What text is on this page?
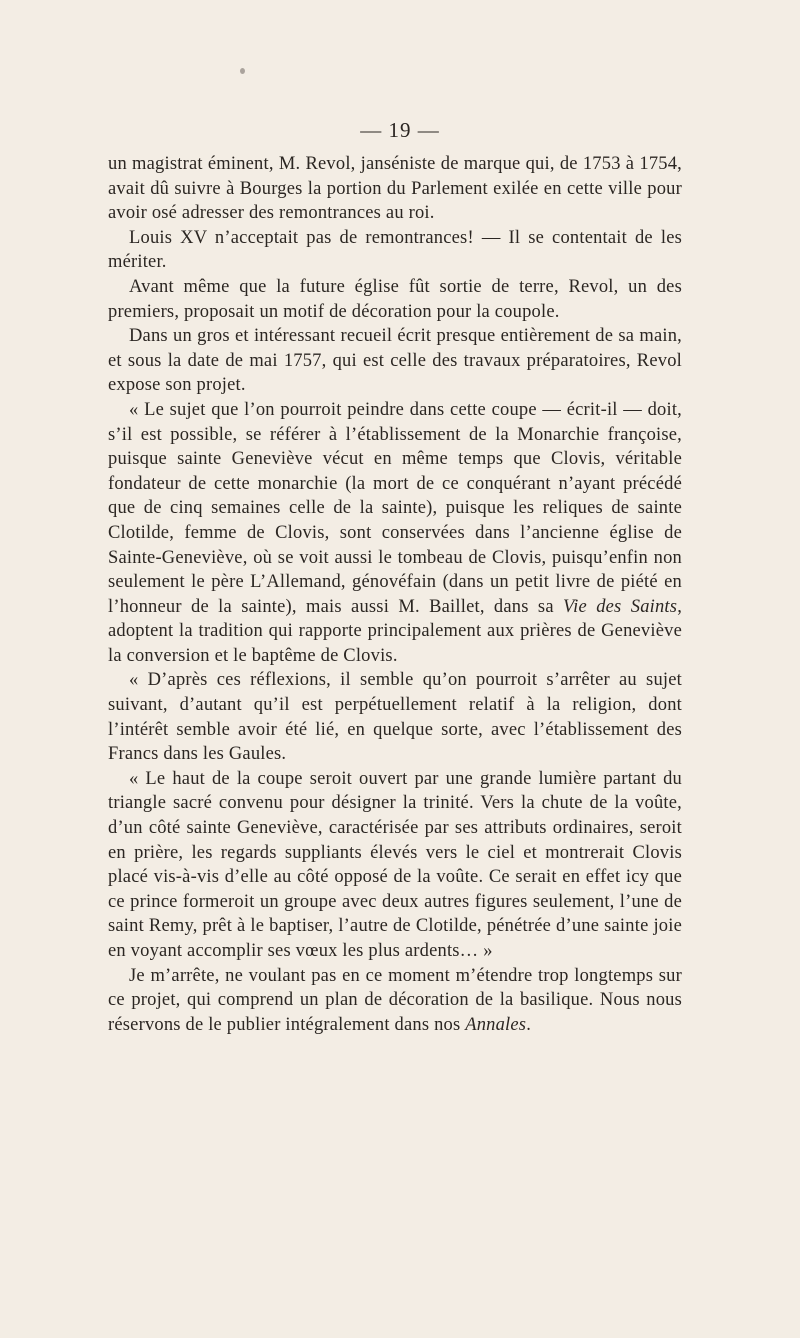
— 19 —

un magistrat éminent, M. Revol, janséniste de marque qui, de 1753 à 1754, avait dû suivre à Bourges la portion du Parlement exilée en cette ville pour avoir osé adresser des remontrances au roi.

Louis XV n’acceptait pas de remontrances! — Il se contentait de les mériter.

Avant même que la future église fût sortie de terre, Revol, un des premiers, proposait un motif de décoration pour la coupole.

Dans un gros et intéressant recueil écrit presque entièrement de sa main, et sous la date de mai 1757, qui est celle des travaux préparatoires, Revol expose son projet.

« Le sujet que l’on pourroit peindre dans cette coupe — écrit-il — doit, s’il est possible, se référer à l’établissement de la Monarchie françoise, puisque sainte Geneviève vécut en même temps que Clovis, véritable fondateur de cette monarchie (la mort de ce conquérant n’ayant précédé que de cinq semaines celle de la sainte), puisque les reliques de sainte Clotilde, femme de Clovis, sont conservées dans l’ancienne église de Sainte-Geneviève, où se voit aussi le tombeau de Clovis, puisqu’enfin non seulement le père L’Allemand, génovéfain (dans un petit livre de piété en l’honneur de la sainte), mais aussi M. Baillet, dans sa Vie des Saints, adoptent la tradition qui rapporte principalement aux prières de Geneviève la conversion et le baptême de Clovis.

« D’après ces réflexions, il semble qu’on pourroit s’arrêter au sujet suivant, d’autant qu’il est perpétuellement relatif à la religion, dont l’intérêt semble avoir été lié, en quelque sorte, avec l’établissement des Francs dans les Gaules.

« Le haut de la coupe seroit ouvert par une grande lumière partant du triangle sacré convenu pour désigner la trinité. Vers la chute de la voûte, d’un côté sainte Geneviève, caractérisée par ses attributs ordinaires, seroit en prière, les regards suppliants élevés vers le ciel et montrerait Clovis placé vis-à-vis d’elle au côté opposé de la voûte. Ce serait en effet icy que ce prince formeroit un groupe avec deux autres figures seulement, l’une de saint Remy, prêt à le baptiser, l’autre de Clotilde, pénétrée d’une sainte joie en voyant accomplir ses vœux les plus ardents… »

Je m’arrête, ne voulant pas en ce moment m’étendre trop longtemps sur ce projet, qui comprend un plan de décoration de la basilique. Nous nous réservons de le publier intégralement dans nos Annales.
